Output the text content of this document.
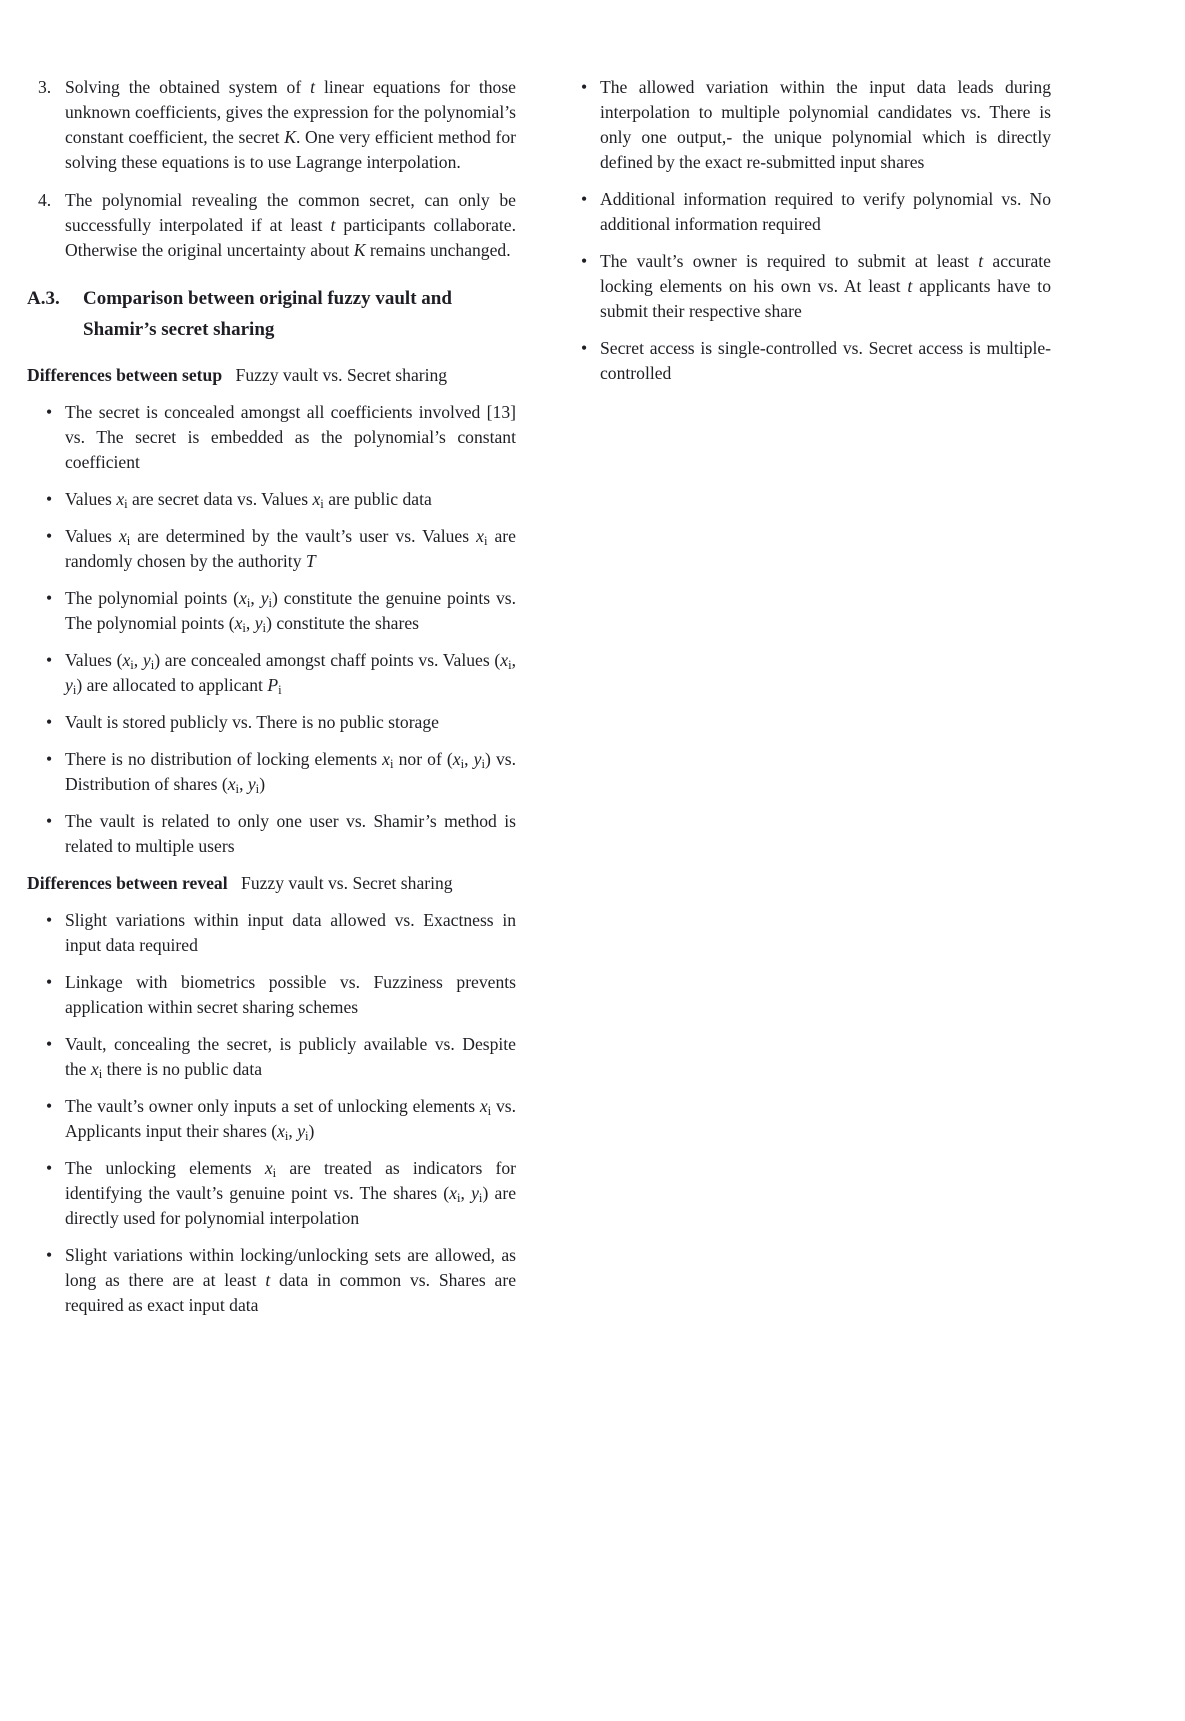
3. Solving the obtained system of t linear equations for those unknown coefficients, gives the expression for the polynomial’s constant coefficient, the secret K. One very efficient method for solving these equations is to use Lagrange interpolation.
4. The polynomial revealing the common secret, can only be successfully interpolated if at least t participants collaborate. Otherwise the original uncertainty about K remains unchanged.
A.3. Comparison between original fuzzy vault and Shamir’s secret sharing
Differences between setup Fuzzy vault vs. Secret sharing
• The secret is concealed amongst all coefficients involved [13] vs. The secret is embedded as the polynomial’s constant coefficient
• Values $x_i$ are secret data vs. Values $x_i$ are public data
• Values $x_i$ are determined by the vault’s user vs. Values $x_i$ are randomly chosen by the authority T
• The polynomial points ($x_i$, $y_i$) constitute the genuine points vs. The polynomial points ($x_i$, $y_i$) constitute the shares
• Values ($x_i$, $y_i$) are concealed amongst chaff points vs. Values ($x_i$, $y_i$) are allocated to applicant $P_i$
• Vault is stored publicly vs. There is no public storage
• There is no distribution of locking elements $x_i$ nor of ($x_i$, $y_i$) vs. Distribution of shares ($x_i$, $y_i$)
• The vault is related to only one user vs. Shamir’s method is related to multiple users
Differences between reveal Fuzzy vault vs. Secret sharing
• Slight variations within input data allowed vs. Exactness in input data required
• Linkage with biometrics possible vs. Fuzziness prevents application within secret sharing schemes
• Vault, concealing the secret, is publicly available vs. Despite the $x_i$ there is no public data
• The vault’s owner only inputs a set of unlocking elements $x_i$ vs. Applicants input their shares ($x_i$, $y_i$)
• The unlocking elements $x_i$ are treated as indicators for identifying the vault’s genuine point vs. The shares ($x_i$, $y_i$) are directly used for polynomial interpolation
• Slight variations within locking/unlocking sets are allowed, as long as there are at least t data in common vs. Shares are required as exact input data
• The allowed variation within the input data leads during interpolation to multiple polynomial candidates vs. There is only one output,- the unique polynomial which is directly defined by the exact re-submitted input shares
• Additional information required to verify polynomial vs. No additional information required
• The vault’s owner is required to submit at least t accurate locking elements on his own vs. At least t applicants have to submit their respective share
• Secret access is single-controlled vs. Secret access is multiple-controlled
